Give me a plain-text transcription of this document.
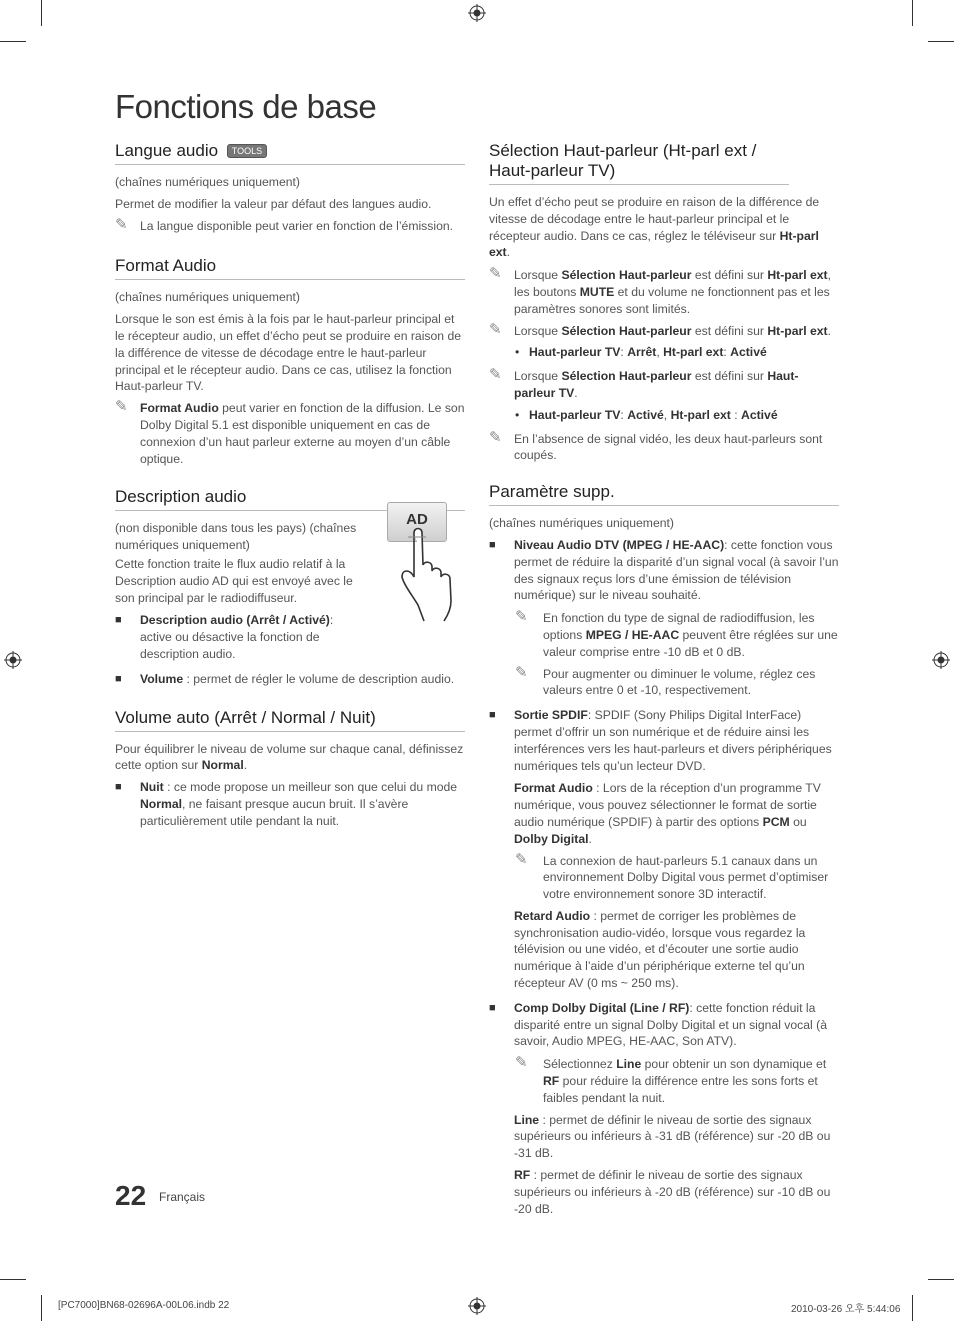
Fonctions de base
Langue audio TOOLS

(chaînes numériques uniquement)

Permet de modifier la valeur par défaut des langues audio.

✎ La langue disponible peut varier en fonction de l’émission.
Format Audio

(chaînes numériques uniquement)

Lorsque le son est émis à la fois par le haut-parleur principal et le récepteur audio, un effet d’écho peut se produire en raison de la différence de vitesse de décodage entre le haut-parleur principal et le récepteur audio. Dans ce cas, utilisez la fonction Haut-parleur TV.

✎ Format Audio peut varier en fonction de la diffusion. Le son Dolby Digital 5.1 est disponible uniquement en cas de connexion d’un haut parleur externe au moyen d’un câble optique.
Description audio

(non disponible dans tous les pays) (chaînes numériques uniquement)

Cette fonction traite le flux audio relatif à la Description audio AD qui est envoyé avec le son principal par le radiodiffuseur.

■ Description audio (Arrêt / Activé): active ou désactive la fonction de description audio.
■ Volume : permet de régler le volume de description audio.
Volume auto (Arrêt / Normal / Nuit)

Pour équilibrer le niveau de volume sur chaque canal, définissez cette option sur Normal.

■ Nuit : ce mode propose un meilleur son que celui du mode Normal, ne faisant presque aucun bruit. Il s’avère particulièrement utile pendant la nuit.
AD
Sélection Haut-parleur (Ht-parl ext / Haut-parleur TV)

Un effet d’écho peut se produire en raison de la différence de vitesse de décodage entre le haut-parleur principal et le récepteur audio. Dans ce cas, réglez le téléviseur sur Ht-parl ext.

✎ Lorsque Sélection Haut-parleur est défini sur Ht-parl ext, les boutons MUTE et du volume ne fonctionnent pas et les paramètres sonores sont limités.
✎ Lorsque Sélection Haut-parleur est défini sur Ht-parl ext.
• Haut-parleur TV: Arrêt, Ht-parl ext: Activé
✎ Lorsque Sélection Haut-parleur est défini sur Haut-parleur TV.
• Haut-parleur TV: Activé, Ht-parl ext : Activé
✎ En l’absence de signal vidéo, les deux haut-parleurs sont coupés.
Paramètre supp.

(chaînes numériques uniquement)

■ Niveau Audio DTV (MPEG / HE-AAC): cette fonction vous permet de réduire la disparité d’un signal vocal (à savoir l’un des signaux reçus lors d’une émission de télévision numérique) sur le niveau souhaité.
✎ En fonction du type de signal de radiodiffusion, les options MPEG / HE-AAC peuvent être réglées sur une valeur comprise entre -10 dB et 0 dB.
✎ Pour augmenter ou diminuer le volume, réglez ces valeurs entre 0 et -10, respectivement.
■ Sortie SPDIF: SPDIF (Sony Philips Digital InterFace) permet d’offrir un son numérique et de réduire ainsi les interférences vers les haut-parleurs et divers périphériques numériques tels qu’un lecteur DVD.

Format Audio : Lors de la réception d’un programme TV numérique, vous pouvez sélectionner le format de sortie audio numérique (SPDIF) à partir des options PCM ou Dolby Digital.

✎ La connexion de haut-parleurs 5.1 canaux dans un environnement Dolby Digital vous permet d’optimiser votre environnement sonore 3D interactif.

Retard Audio : permet de corriger les problèmes de synchronisation audio-vidéo, lorsque vous regardez la télévision ou une vidéo, et d’écouter une sortie audio numérique à l’aide d’un périphérique externe tel qu’un récepteur AV (0 ms ~ 250 ms).

■ Comp Dolby Digital (Line / RF): cette fonction réduit la disparité entre un signal Dolby Digital et un signal vocal (à savoir, Audio MPEG, HE-AAC, Son ATV).
✎ Sélectionnez Line pour obtenir un son dynamique et RF pour réduire la différence entre les sons forts et faibles pendant la nuit.

Line : permet de définir le niveau de sortie des signaux supérieurs ou inférieurs à -31 dB (référence) sur -20 dB ou -31 dB.

RF : permet de définir le niveau de sortie des signaux supérieurs ou inférieurs à -20 dB (référence) sur -10 dB ou -20 dB.

22 Français
[PC7000]BN68-02696A-00L06.indb 22	2010-03-26 오후 5:44:06
